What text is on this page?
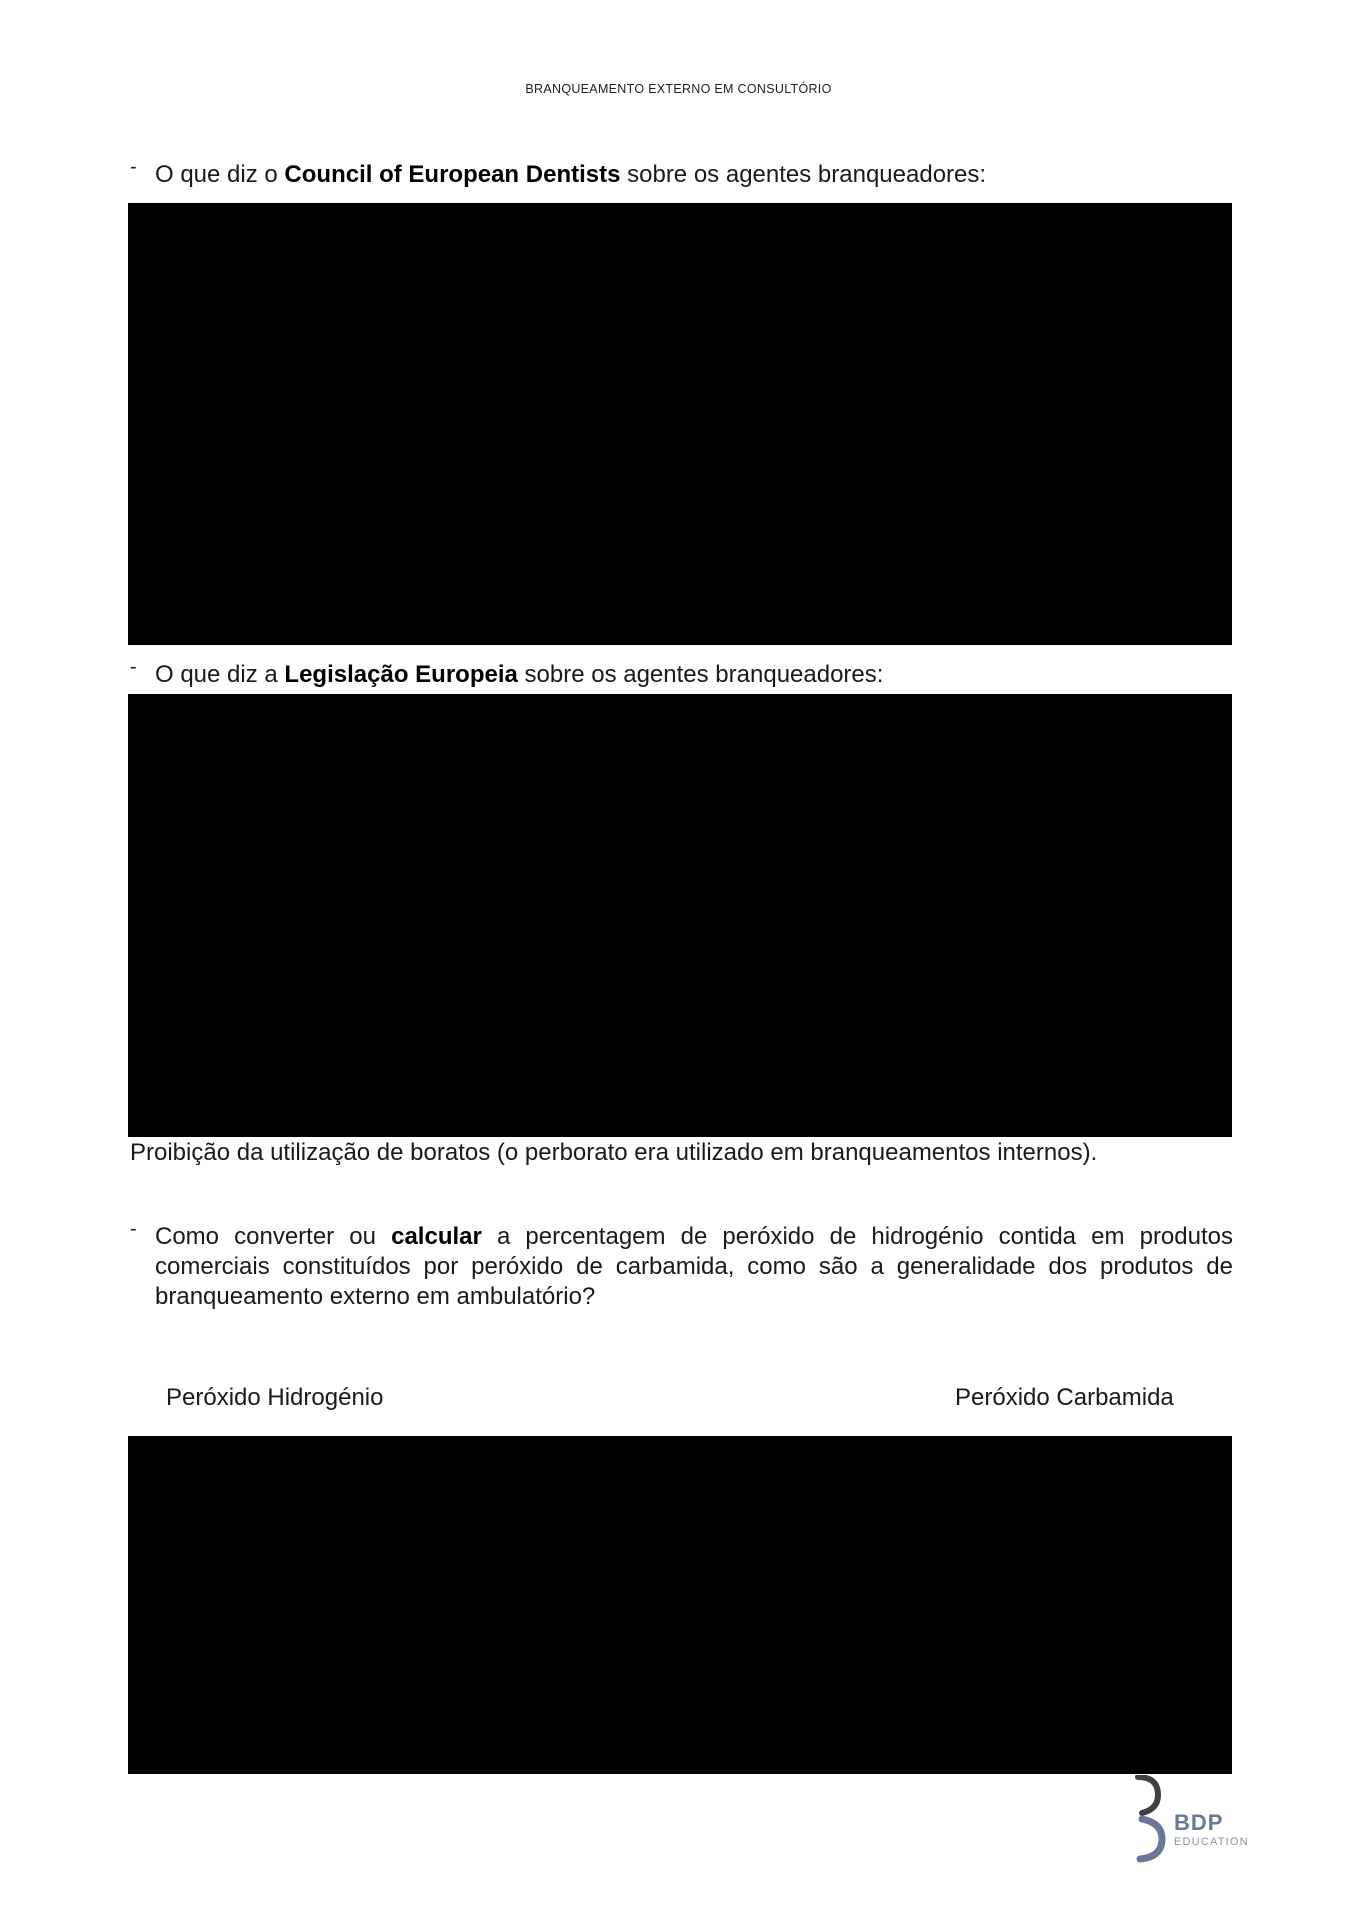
BRANQUEAMENTO EXTERNO EM CONSULTÓRIO
- O que diz o Council of European Dentists sobre os agentes branqueadores:
- O que diz a Legislação Europeia sobre os agentes branqueadores:
Proibição da utilização de boratos (o perborato era utilizado em branqueamentos internos).
- Como converter ou calcular a percentagem de peróxido de hidrogénio contida em produtos comerciais constituídos por peróxido de carbamida, como são a generalidade dos produtos de branqueamento externo em ambulatório?
Peróxido Hidrogénio	Peróxido Carbamida
BDP
EDUCATION
